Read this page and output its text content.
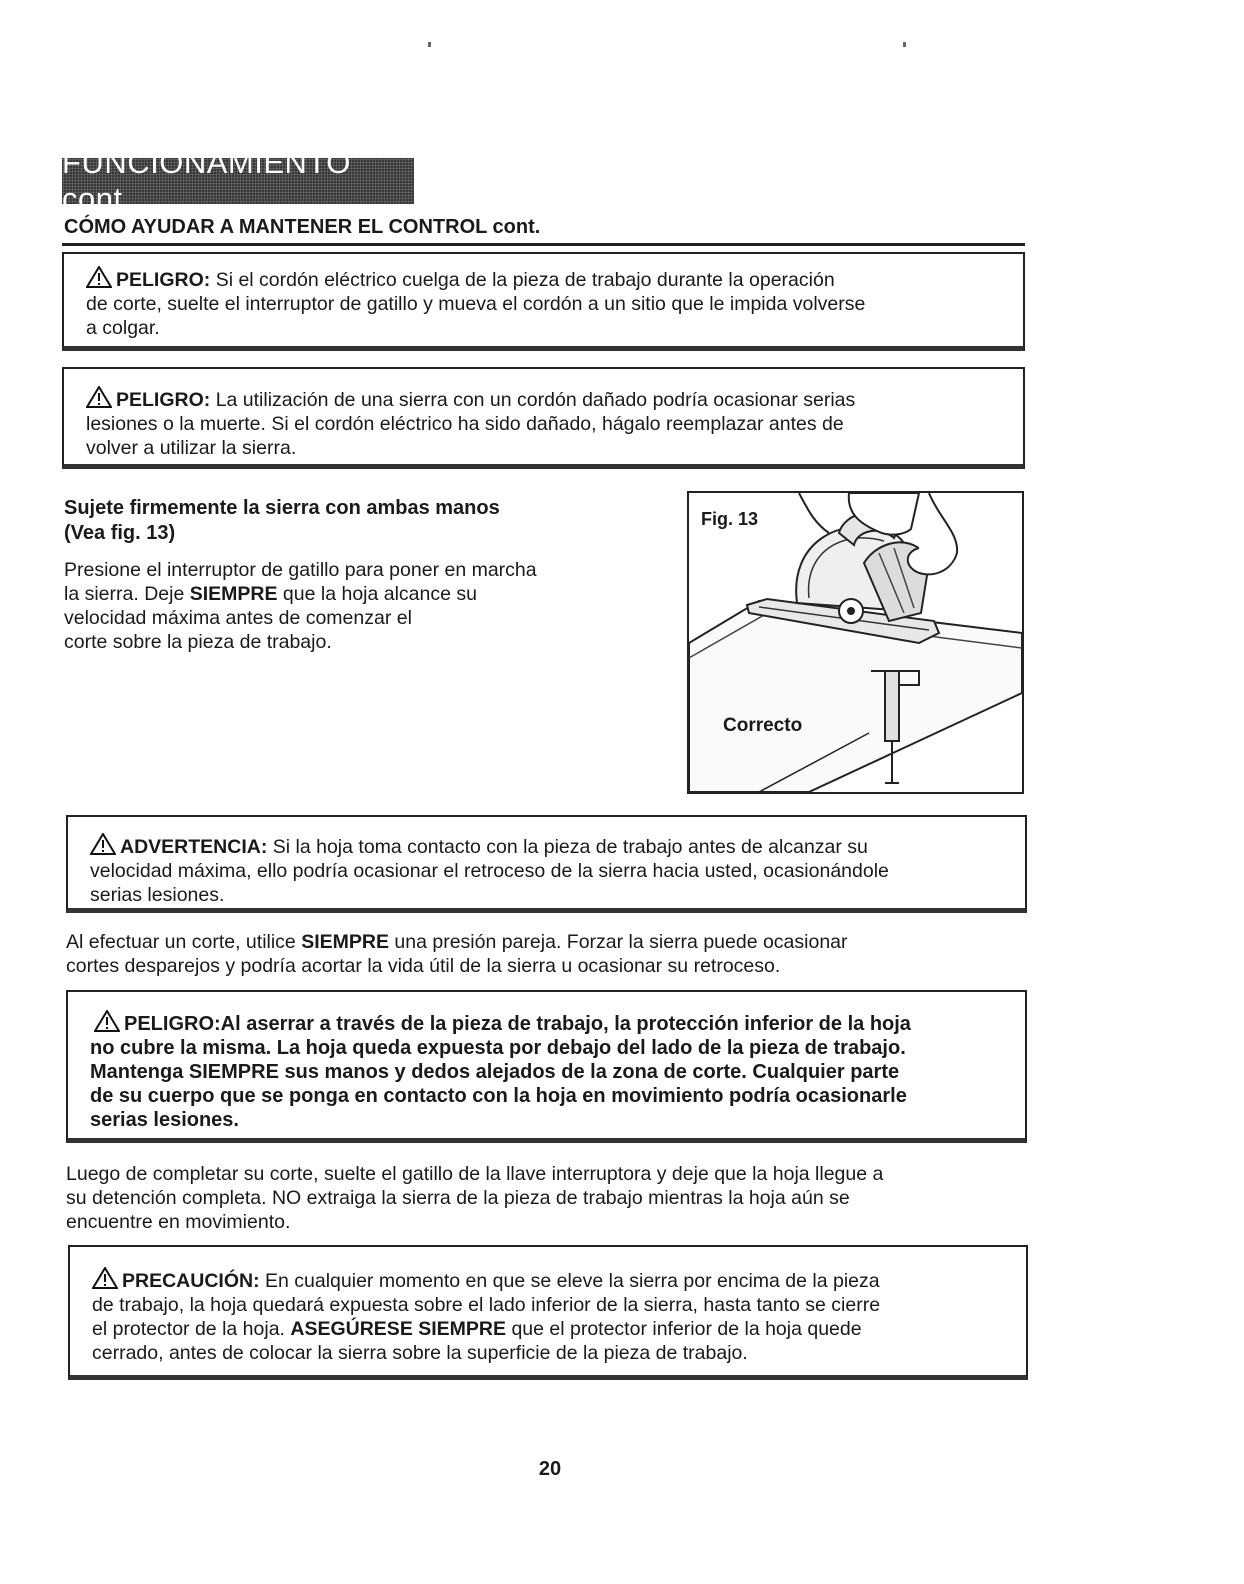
FUNCIONAMIENTO cont.
CÓMO AYUDAR A MANTENER EL CONTROL cont.
PELIGRO: Si el cordón eléctrico cuelga de la pieza de trabajo durante la operación
de corte, suelte el interruptor de gatillo y mueva el cordón a un sitio que le impida volverse
a colgar.
PELIGRO: La utilización de una sierra con un cordón dañado podría ocasionar serias
lesiones o la muerte. Si el cordón eléctrico ha sido dañado, hágalo reemplazar antes de
volver a utilizar la sierra.
Sujete firmemente la sierra con ambas manos
(Vea fig. 13)
Presione el interruptor de gatillo para poner en marcha
la sierra. Deje SIEMPRE que la hoja alcance su
velocidad máxima antes de comenzar el
corte sobre la pieza de trabajo.
Fig. 13
Correcto
ADVERTENCIA: Si la hoja toma contacto con la pieza de trabajo antes de alcanzar su
velocidad máxima, ello podría ocasionar el retroceso de la sierra hacia usted, ocasionándole
serias lesiones.
Al efectuar un corte, utilice SIEMPRE una presión pareja. Forzar la sierra puede ocasionar
cortes desparejos y podría acortar la vida útil de la sierra u ocasionar su retroceso.
PELIGRO:Al aserrar a través de la pieza de trabajo, la protección inferior de la hoja
no cubre la misma. La hoja queda expuesta por debajo del lado de la pieza de trabajo.
Mantenga SIEMPRE sus manos y dedos alejados de la zona de corte. Cualquier parte
de su cuerpo que se ponga en contacto con la hoja en movimiento podría ocasionarle
serias lesiones.
Luego de completar su corte, suelte el gatillo de la llave interruptora y deje que la hoja llegue a
su detención completa. NO extraiga la sierra de la pieza de trabajo mientras la hoja aún se
encuentre en movimiento.
PRECAUCIÓN: En cualquier momento en que se eleve la sierra por encima de la pieza
de trabajo, la hoja quedará expuesta sobre el lado inferior de la sierra, hasta tanto se cierre
el protector de la hoja. ASEGÚRESE SIEMPRE que el protector inferior de la hoja quede
cerrado, antes de colocar la sierra sobre la superficie de la pieza de trabajo.
20
